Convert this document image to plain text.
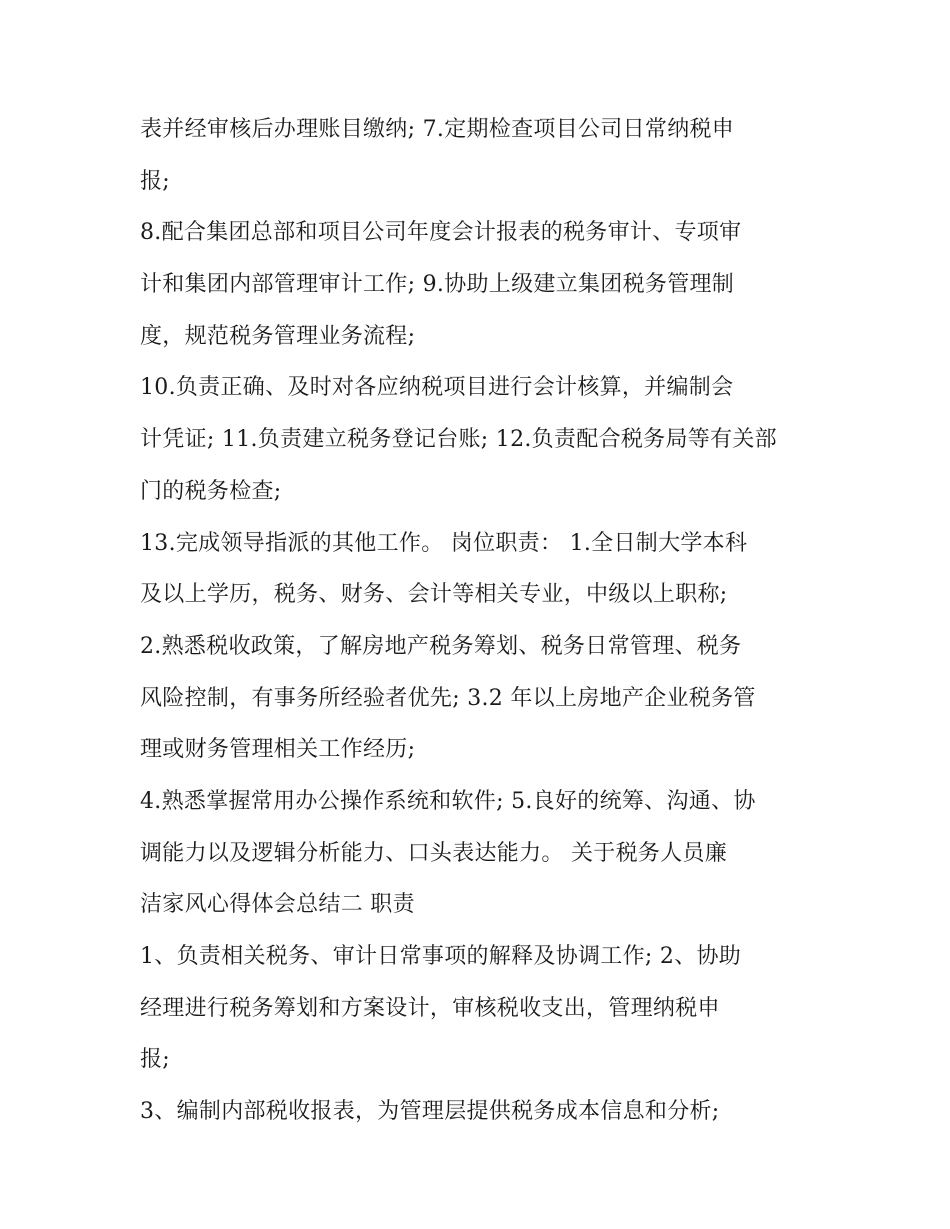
表并经审核后办理账目缴纳; 7.定期检查项目公司日常纳税申
报;
8.配合集团总部和项目公司年度会计报表的税务审计、专项审
计和集团内部管理审计工作; 9.协助上级建立集团税务管理制
度，规范税务管理业务流程;
10.负责正确、及时对各应纳税项目进行会计核算，并编制会
计凭证; 11.负责建立税务登记台账; 12.负责配合税务局等有关部
门的税务检查;
13.完成领导指派的其他工作。 岗位职责： 1.全日制大学本科
及以上学历，税务、财务、会计等相关专业，中级以上职称;
2.熟悉税收政策，了解房地产税务筹划、税务日常管理、税务
风险控制，有事务所经验者优先; 3.2 年以上房地产企业税务管
理或财务管理相关工作经历;
4.熟悉掌握常用办公操作系统和软件; 5.良好的统筹、沟通、协
调能力以及逻辑分析能力、口头表达能力。 关于税务人员廉
洁家风心得体会总结二 职责
1、负责相关税务、审计日常事项的解释及协调工作; 2、协助
经理进行税务筹划和方案设计，审核税收支出，管理纳税申
报;
3、编制内部税收报表，为管理层提供税务成本信息和分析;
